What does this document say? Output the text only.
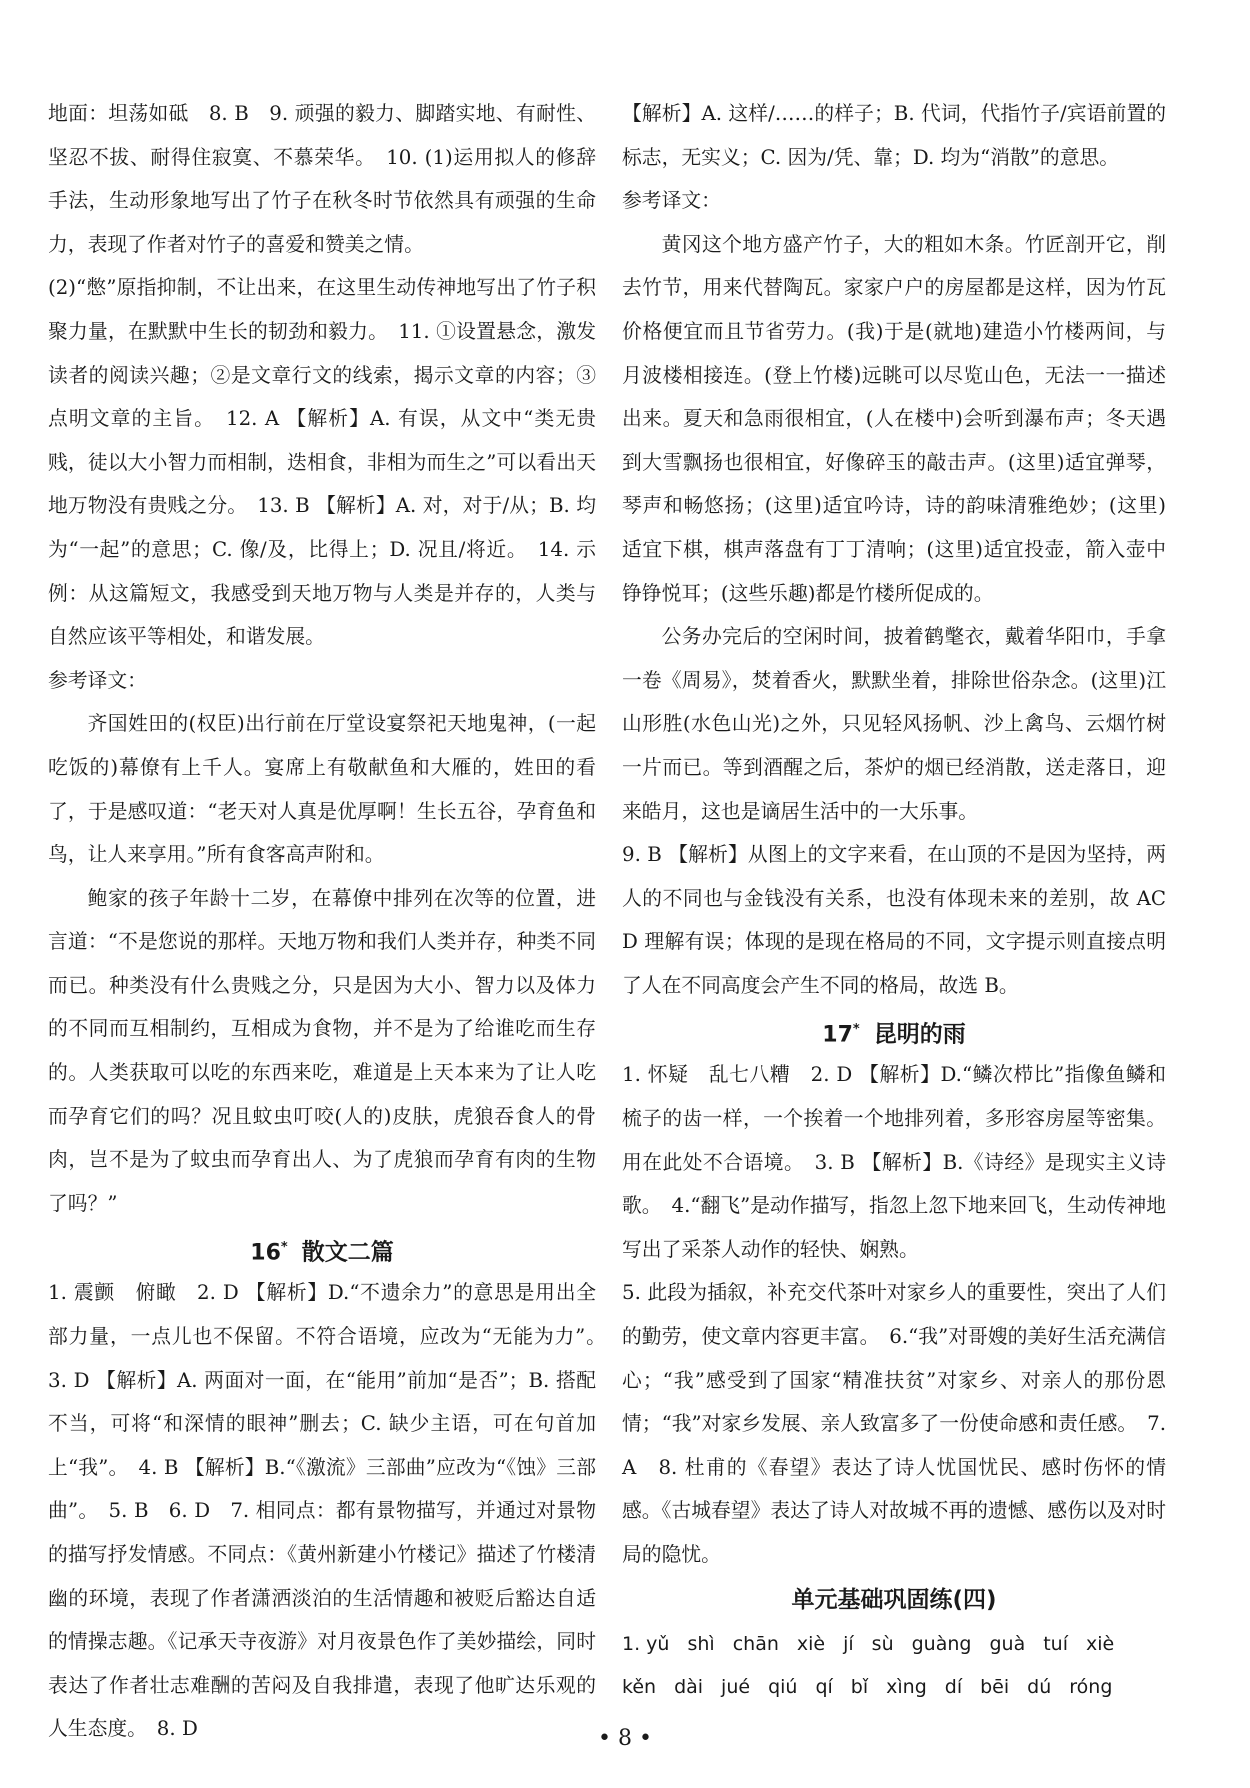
地面：坦荡如砥　8. B　9. 顽强的毅力、脚踏实地、有耐性、坚忍不拔、耐得住寂寞、不慕荣华。　10. (1)运用拟人的修辞手法，生动形象地写出了竹子在秋冬时节依然具有顽强的生命力，表现了作者对竹子的喜爱和赞美之情。

(2)“憋”原指抑制，不让出来，在这里生动传神地写出了竹子积聚力量，在默默中生长的韧劲和毅力。　11. ①设置悬念，激发读者的阅读兴趣；②是文章行文的线索，揭示文章的内容；③点明文章的主旨。　12. A 【解析】A. 有误，从文中“类无贵贱，徒以大小智力而相制，迭相食，非相为而生之”可以看出天地万物没有贵贱之分。　13. B 【解析】A. 对，对于/从；B. 均为“一起”的意思；C. 像/及，比得上；D. 况且/将近。　14. 示例：从这篇短文，我感受到天地万物与人类是并存的，人类与自然应该平等相处，和谐发展。

参考译文：

齐国姓田的(权臣)出行前在厅堂设宴祭祀天地鬼神，(一起吃饭的)幕僚有上千人。宴席上有敬献鱼和大雁的，姓田的看了，于是感叹道：“老天对人真是优厚啊！生长五谷，孕育鱼和鸟，让人来享用。”所有食客高声附和。

鲍家的孩子年龄十二岁，在幕僚中排列在次等的位置，进言道：“不是您说的那样。天地万物和我们人类并存，种类不同而已。种类没有什么贵贱之分，只是因为大小、智力以及体力的不同而互相制约，互相成为食物，并不是为了给谁吃而生存的。人类获取可以吃的东西来吃，难道是上天本来为了让人吃而孕育它们的吗？况且蚊虫叮咬(人的)皮肤，虎狼吞食人的骨肉，岂不是为了蚊虫而孕育出人、为了虎狼而孕育有肉的生物了吗？”

16* 散文二篇

1. 震颤　俯瞰　2. D 【解析】D.“不遗余力”的意思是用出全部力量，一点儿也不保留。不符合语境，应改为“无能为力”。　3. D 【解析】A. 两面对一面，在“能用”前加“是否”；B. 搭配不当，可将“和深情的眼神”删去；C. 缺少主语，可在句首加上“我”。　4. B 【解析】B.“《激流》三部曲”应改为“《蚀》三部曲”。　5. B　6. D　7. 相同点：都有景物描写，并通过对景物的描写抒发情感。不同点：《黄州新建小竹楼记》描述了竹楼清幽的环境，表现了作者潇洒淡泊的生活情趣和被贬后豁达自适的情操志趣。《记承天寺夜游》对月夜景色作了美妙描绘，同时表达了作者壮志难酬的苦闷及自我排遣，表现了他旷达乐观的人生态度。　8. D

【解析】A. 这样/……的样子；B. 代词，代指竹子/宾语前置的标志，无实义；C. 因为/凭、靠；D. 均为“消散”的意思。

参考译文：

黄冈这个地方盛产竹子，大的粗如木条。竹匠剖开它，削去竹节，用来代替陶瓦。家家户户的房屋都是这样，因为竹瓦价格便宜而且节省劳力。(我)于是(就地)建造小竹楼两间，与月波楼相接连。(登上竹楼)远眺可以尽览山色，无法一一描述出来。夏天和急雨很相宜，(人在楼中)会听到瀑布声；冬天遇到大雪飘扬也很相宜，好像碎玉的敲击声。(这里)适宜弹琴，琴声和畅悠扬；(这里)适宜吟诗，诗的韵味清雅绝妙；(这里)适宜下棋，棋声落盘有丁丁清响；(这里)适宜投壶，箭入壶中铮铮悦耳；(这些乐趣)都是竹楼所促成的。

公务办完后的空闲时间，披着鹤氅衣，戴着华阳巾，手拿一卷《周易》，焚着香火，默默坐着，排除世俗杂念。(这里)江山形胜(水色山光)之外，只见轻风扬帆、沙上禽鸟、云烟竹树一片而已。等到酒醒之后，茶炉的烟已经消散，送走落日，迎来皓月，这也是谪居生活中的一大乐事。

9. B 【解析】从图上的文字来看，在山顶的不是因为坚持，两人的不同也与金钱没有关系，也没有体现未来的差别，故 ACD 理解有误；体现的是现在格局的不同，文字提示则直接点明了人在不同高度会产生不同的格局，故选 B。

17* 昆明的雨

1. 怀疑　乱七八糟　2. D 【解析】D.“鳞次栉比”指像鱼鳞和梳子的齿一样，一个挨着一个地排列着，多形容房屋等密集。用在此处不合语境。　3. B 【解析】B.《诗经》是现实主义诗歌。　4.“翻飞”是动作描写，指忽上忽下地来回飞，生动传神地写出了采茶人动作的轻快、娴熟。

5. 此段为插叙，补充交代茶叶对家乡人的重要性，突出了人们的勤劳，使文章内容更丰富。　6.“我”对哥嫂的美好生活充满信心；“我”感受到了国家“精准扶贫”对家乡、对亲人的那份恩情；“我”对家乡发展、亲人致富多了一份使命感和责任感。　7. A　8. 杜甫的《春望》表达了诗人忧国忧民、感时伤怀的情感。《古城春望》表达了诗人对故城不再的遗憾、感伤以及对时局的隐忧。

单元基础巩固练(四)

1. yǔ shì chān xiè jí sù guàng guà tuí xiè

kěn dài jué qiú qí bǐ xìng dí bēi dú róng

• 8 •
